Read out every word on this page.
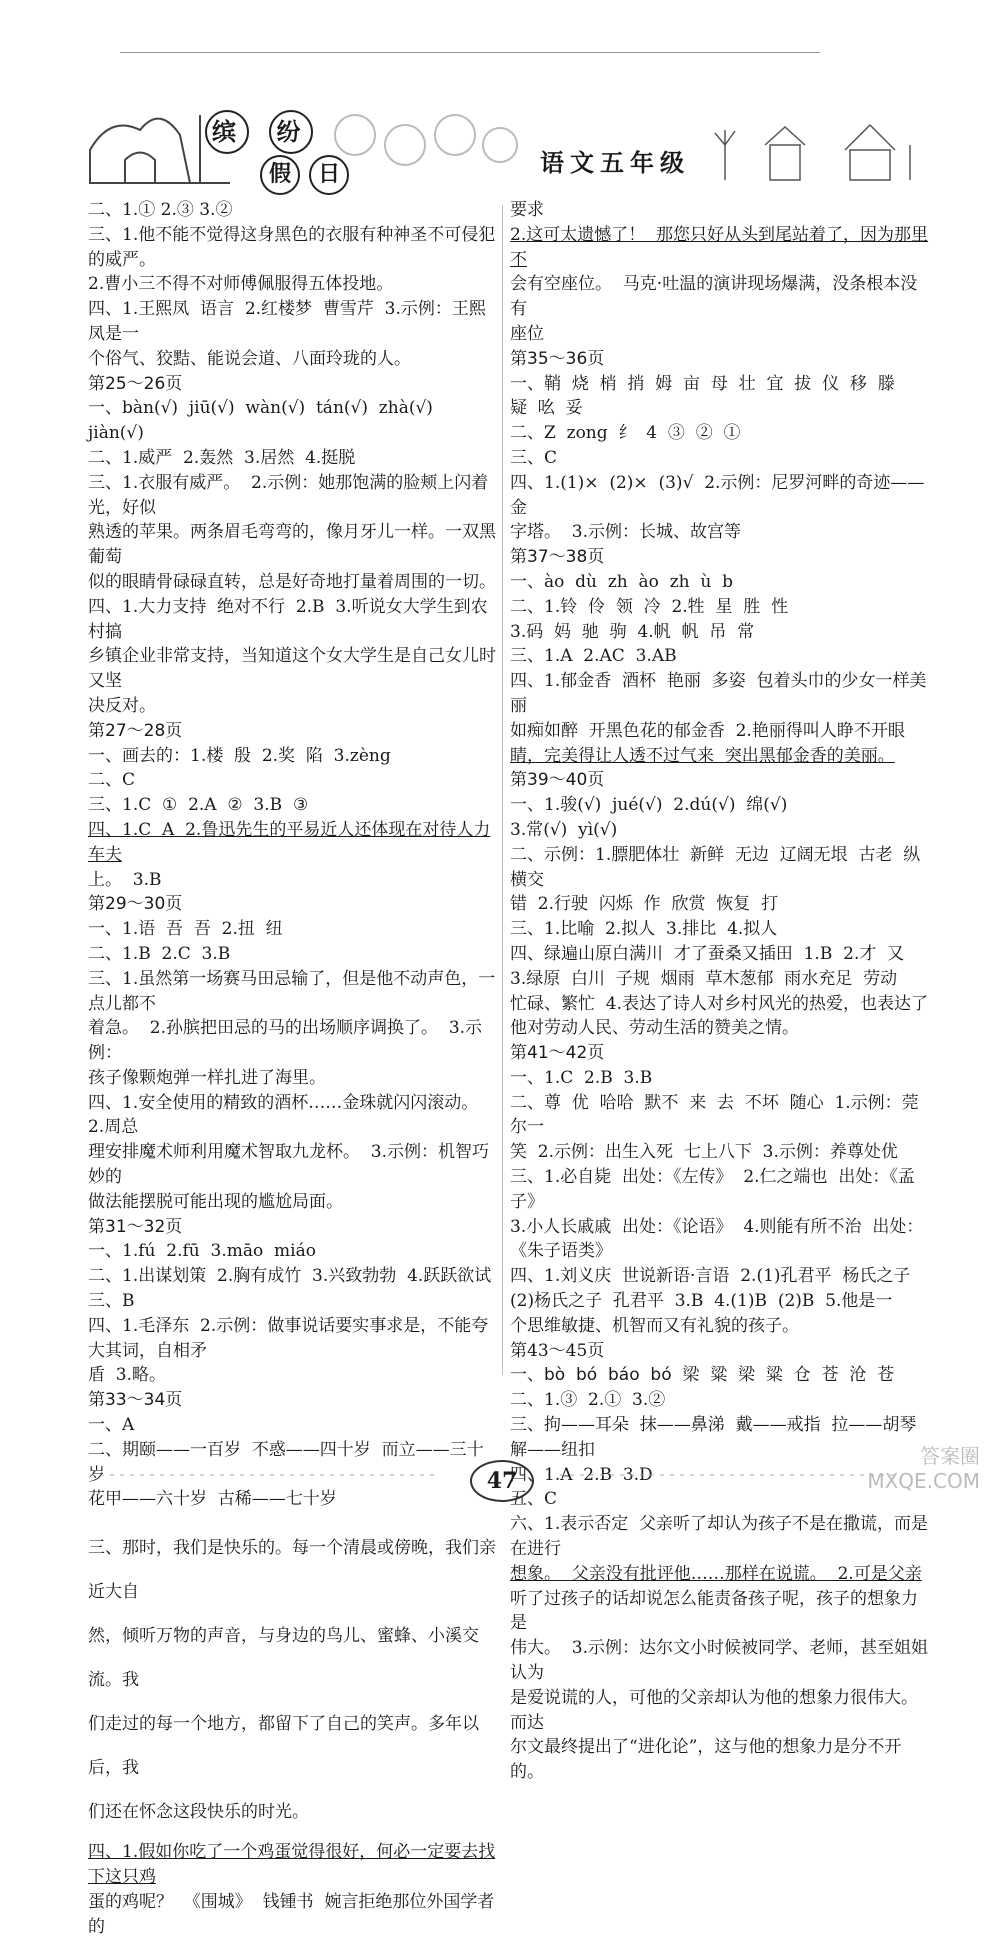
缤 纷
假 日	语文五年级
二、1.① 2.③ 3.②
三、1.他不能不觉得这身黑色的衣服有种神圣不可侵犯的威严。
2.曹小三不得不对师傅佩服得五体投地。
四、1.王熙凤  语言  2.红楼梦  曹雪芹  3.示例：王熙凤是一
个俗气、狡黠、能说会道、八面玲珑的人。
第25～26页
一、bàn(√)  jiū(√)  wàn(√)  tán(√)  zhà(√)
jiàn(√)
二、1.威严  2.轰然  3.居然  4.挺脱
三、1.衣服有威严。  2.示例：她那饱满的脸颊上闪着光，好似
熟透的苹果。两条眉毛弯弯的，像月牙儿一样。一双黑葡萄
似的眼睛骨碌碌直转，总是好奇地打量着周围的一切。
四、1.大力支持  绝对不行  2.B  3.听说女大学生到农村搞
乡镇企业非常支持，当知道这个女大学生是自己女儿时又坚
决反对。
第27～28页
一、画去的：1.楼  殷  2.奖  陷  3.zèng
二、C
三、1.C  ①  2.A  ②  3.B  ③
四、1.C  A  2.鲁迅先生的平易近人还体现在对待人力车夫
上。  3.B
第29～30页
一、1.语  吾  吾  2.扭  纽
二、1.B  2.C  3.B
三、1.虽然第一场赛马田忌输了，但是他不动声色，一点儿都不
着急。  2.孙膑把田忌的马的出场顺序调换了。  3.示例：
孩子像颗炮弹一样扎进了海里。
四、1.安全使用的精致的酒杯……金珠就闪闪滚动。  2.周总
理安排魔术师利用魔术智取九龙杯。  3.示例：机智巧妙的
做法能摆脱可能出现的尴尬局面。
第31～32页
一、1.fú  2.fū  3.māo  miáo
二、1.出谋划策  2.胸有成竹  3.兴致勃勃  4.跃跃欲试
三、B
四、1.毛泽东  2.示例：做事说话要实事求是，不能夸大其词，自相矛
盾  3.略。
第33～34页
一、A
二、期颐——一百岁  不惑——四十岁  而立——三十岁
花甲——六十岁  古稀——七十岁
三、那时，我们是快乐的。每一个清晨或傍晚，我们亲近大自
然，倾听万物的声音，与身边的鸟儿、蜜蜂、小溪交流。我
们走过的每一个地方，都留下了自己的笑声。多年以后，我
们还在怀念这段快乐的时光。
四、1.假如你吃了一个鸡蛋觉得很好，何必一定要去找下这只鸡
蛋的鸡呢？  《围城》  钱锺书  婉言拒绝那位外国学者的
要求
2.这可太遗憾了！  那您只好从头到尾站着了，因为那里不
会有空座位。  马克·吐温的演讲现场爆满，没条根本没有
座位
第35～36页
一、鞘  烧  梢  捎  姆  亩  母  壮  宜  拔  仪  移  滕
疑  吆  妥
二、Z  zong  纟  4  ③  ②  ①
三、C
四、1.(1)×  (2)×  (3)√  2.示例：尼罗河畔的奇迹——金
字塔。  3.示例：长城、故宫等
第37～38页
一、ào  dù  zh  ào  zh  ù  b
二、1.铃  伶  领  冷  2.牲  星  胜  性
3.码  妈  驰  驹  4.帆  帆  吊  常
三、1.A  2.AC  3.AB
四、1.郁金香  酒杯  艳丽  多姿  包着头巾的少女一样美丽
如痴如醉  开黑色花的郁金香  2.艳丽得叫人睁不开眼
睛，完美得让人透不过气来  突出黑郁金香的美丽。
第39～40页
一、1.骏(√)  jué(√)  2.dú(√)  绵(√)
3.常(√)  yì(√)
二、示例：1.膘肥体壮  新鲜  无边  辽阔无垠  古老  纵横交
错  2.行驶  闪烁  作  欣赏  恢复  打
三、1.比喻  2.拟人  3.排比  4.拟人
四、绿遍山原白满川  才了蚕桑又插田  1.B  2.才  又
3.绿原  白川  子规  烟雨  草木葱郁  雨水充足  劳动
忙碌、繁忙  4.表达了诗人对乡村风光的热爱，也表达了
他对劳动人民、劳动生活的赞美之情。
第41～42页
一、1.C  2.B  3.B
二、尊  优  哈哈  默不  来  去  不坏  随心  1.示例：莞尔一
笑  2.示例：出生入死  七上八下  3.示例：养尊处优
三、1.必自毙  出处：《左传》  2.仁之端也  出处：《孟子》
3.小人长戚戚  出处：《论语》  4.则能有所不治  出处：
《朱子语类》
四、1.刘义庆  世说新语·言语  2.(1)孔君平  杨氏之子
(2)杨氏之子  孔君平  3.B  4.(1)B  (2)B  5.他是一
个思维敏捷、机智而又有礼貌的孩子。
第43～45页
一、bò  bó  báo  bó  梁  粱  梁  粱  仓  苍  沧  苍
二、1.③  2.①  3.②
三、拘——耳朵  抹——鼻涕  戴——戒指  拉——胡琴
解——纽扣
四、1.A  2.B  3.D
五、C
六、1.表示否定  父亲听了却认为孩子不是在撒谎，而是在进行
想象。  父亲没有批评他……那样在说谎。  2.可是父亲
听了过孩子的话却说怎么能责备孩子呢，孩子的想象力是
伟大。  3.示例：达尔文小时候被同学、老师，甚至姐姐认为
是爱说谎的人，可他的父亲却认为他的想象力很伟大。而达
尔文最终提出了“进化论”，这与他的想象力是分不开的。
47
答案圈
MXQE.COM
